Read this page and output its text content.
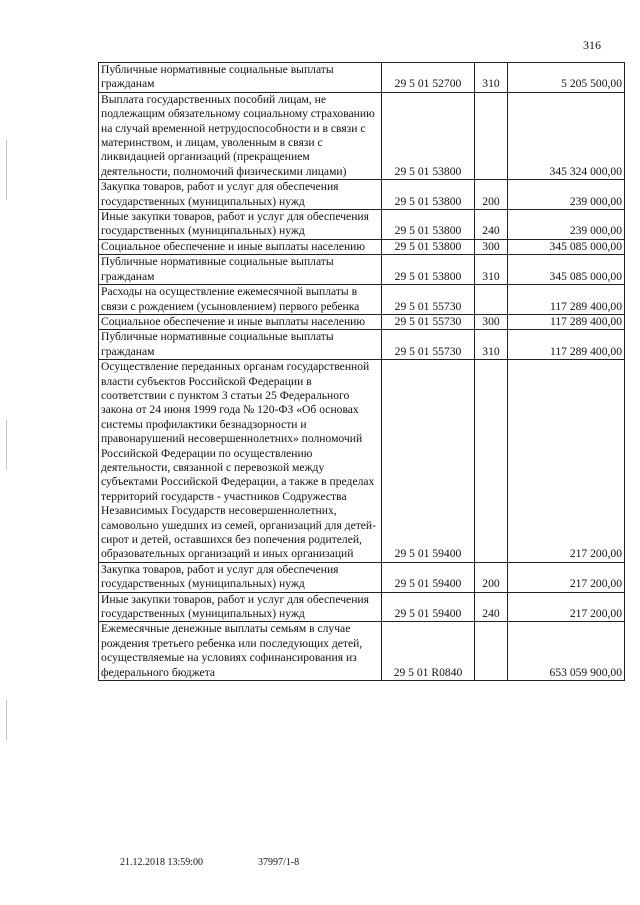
316
Публичные нормативные социальные выплаты гражданам	29 5 01 52700	310	5 205 500,00
Выплата государственных пособий лицам, не подлежащим обязательному социальному страхованию на случай временной нетрудоспособности и в связи с материнством, и лицам, уволенным в связи с ликвидацией организаций (прекращением деятельности, полномочий физическими лицами)	29 5 01 53800		345 324 000,00
Закупка товаров, работ и услуг для обеспечения государственных (муниципальных) нужд	29 5 01 53800	200	239 000,00
Иные закупки товаров, работ и услуг для обеспечения государственных (муниципальных) нужд	29 5 01 53800	240	239 000,00
Социальное обеспечение и иные выплаты населению	29 5 01 53800	300	345 085 000,00
Публичные нормативные социальные выплаты гражданам	29 5 01 53800	310	345 085 000,00
Расходы на осуществление ежемесячной выплаты в связи с рождением (усыновлением) первого ребенка	29 5 01 55730		117 289 400,00
Социальное обеспечение и иные выплаты населению	29 5 01 55730	300	117 289 400,00
Публичные нормативные социальные выплаты гражданам	29 5 01 55730	310	117 289 400,00
Осуществление переданных органам государственной власти субъектов Российской Федерации в соответствии с пунктом 3 статьи 25 Федерального закона от 24 июня 1999 года № 120-ФЗ «Об основах системы профилактики безнадзорности и правонарушений несовершеннолетних» полномочий Российской Федерации по осуществлению деятельности, связанной с перевозкой между субъектами Российской Федерации, а также в пределах территорий государств - участников Содружества Независимых Государств несовершеннолетних, самовольно ушедших из семей, организаций для детей-сирот и детей, оставшихся без попечения родителей, образовательных организаций и иных организаций	29 5 01 59400		217 200,00
Закупка товаров, работ и услуг для обеспечения государственных (муниципальных) нужд	29 5 01 59400	200	217 200,00
Иные закупки товаров, работ и услуг для обеспечения государственных (муниципальных) нужд	29 5 01 59400	240	217 200,00
Ежемесячные денежные выплаты семьям в случае рождения третьего ребенка или последующих детей, осуществляемые на условиях софинансирования из федерального бюджета	29 5 01 R0840		653 059 900,00
21.12.2018 13:59:00	37997/1-8
